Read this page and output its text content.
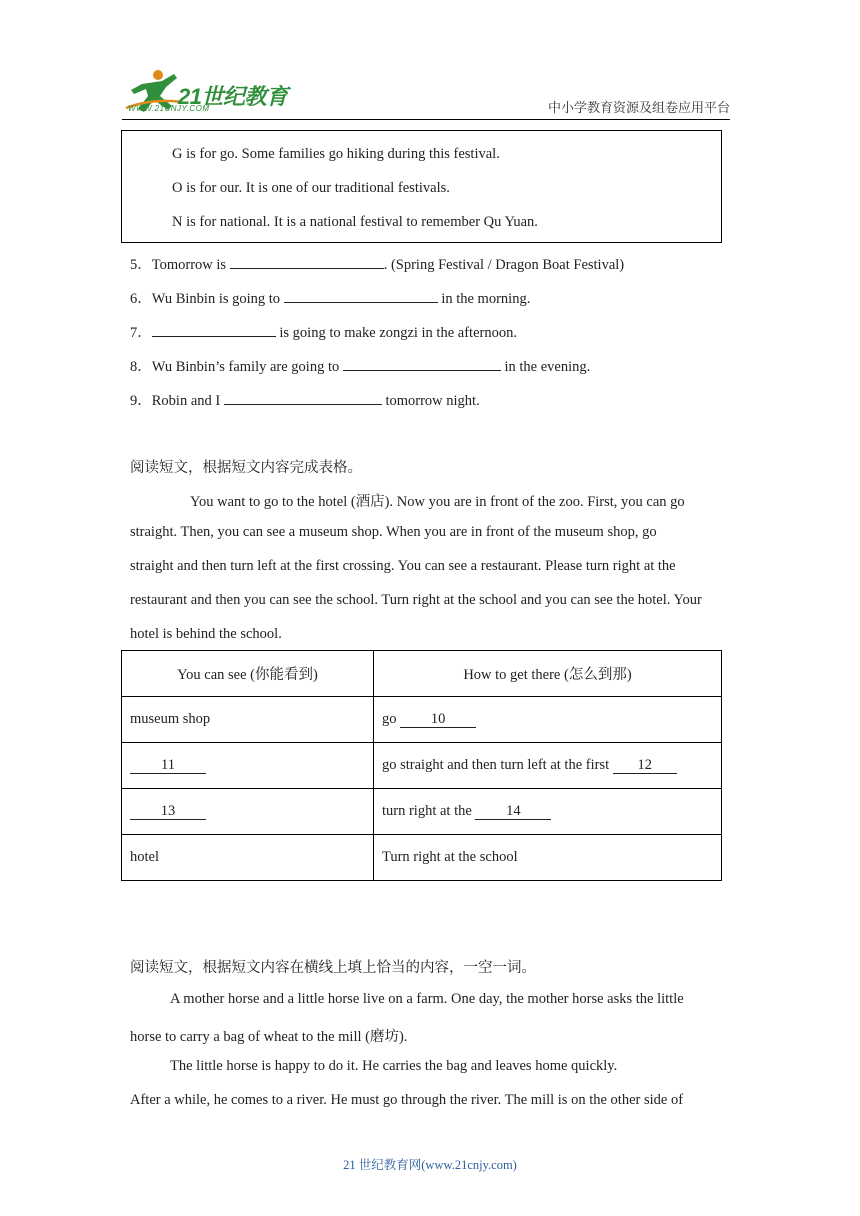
21世纪教育
WWW.21CNJY.COM	中小学教育资源及组卷应用平台

G is for go. Some families go hiking during this festival.

O is for our. It is one of our traditional festivals.

N is for national. It is a national festival to remember Qu Yuan.

5．Tomorrow is	. (Spring Festival / Dragon Boat Festival)

6．Wu Binbin is going to	in the morning.

7．	is going to make zongzi in the afternoon.

8．Wu Binbin’s family are going to	in the evening.

9．Robin and I	tomorrow night.

阅读短文，根据短文内容完成表格。

You want to go to the hotel (酒店). Now you are in front of the zoo. First, you can go

straight. Then, you can see a museum shop. When you are in front of the museum shop, go

straight and then turn left at the first crossing. You can see a restaurant. Please turn right at the

restaurant and then you can see the school. Turn right at the school and you can see the hotel. Your

hotel is behind the school.

You can see (你能看到)	How to get there (怎么到那)
museum shop	go 10
11	go straight and then turn left at the first 12
13	turn right at the 14
hotel	Turn right at the school

阅读短文，根据短文内容在横线上填上恰当的内容，一空一词。

A mother horse and a little horse live on a farm. One day, the mother horse asks the little

horse to carry a bag of wheat to the mill (磨坊).

The little horse is happy to do it. He carries the bag and leaves home quickly.

After a while, he comes to a river. He must go through the river. The mill is on the other side of

21 世纪教育网(www.21cnjy.com)
